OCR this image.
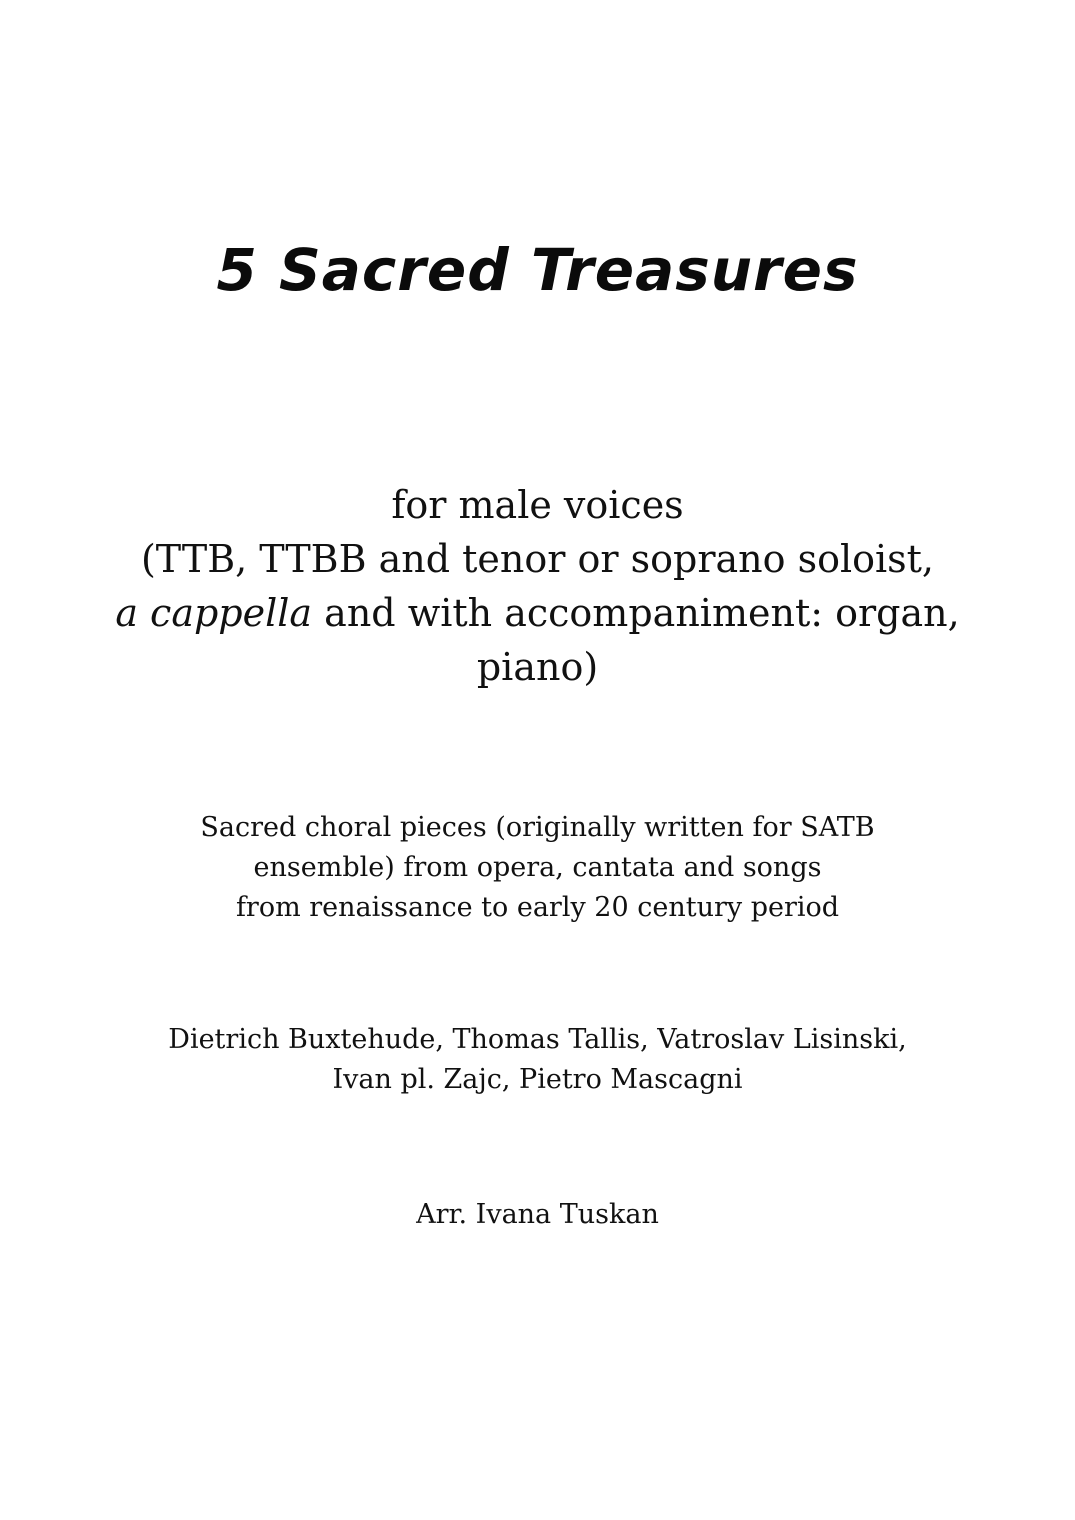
5 Sacred Treasures
for male voices
(TTB, TTBB and tenor or soprano soloist,
a cappella and with accompaniment: organ,
piano)
Sacred choral pieces (originally written for SATB
ensemble) from opera, cantata and songs
from renaissance to early 20 century period
Dietrich Buxtehude, Thomas Tallis, Vatroslav Lisinski,
Ivan pl. Zajc, Pietro Mascagni
Arr. Ivana Tuskan
